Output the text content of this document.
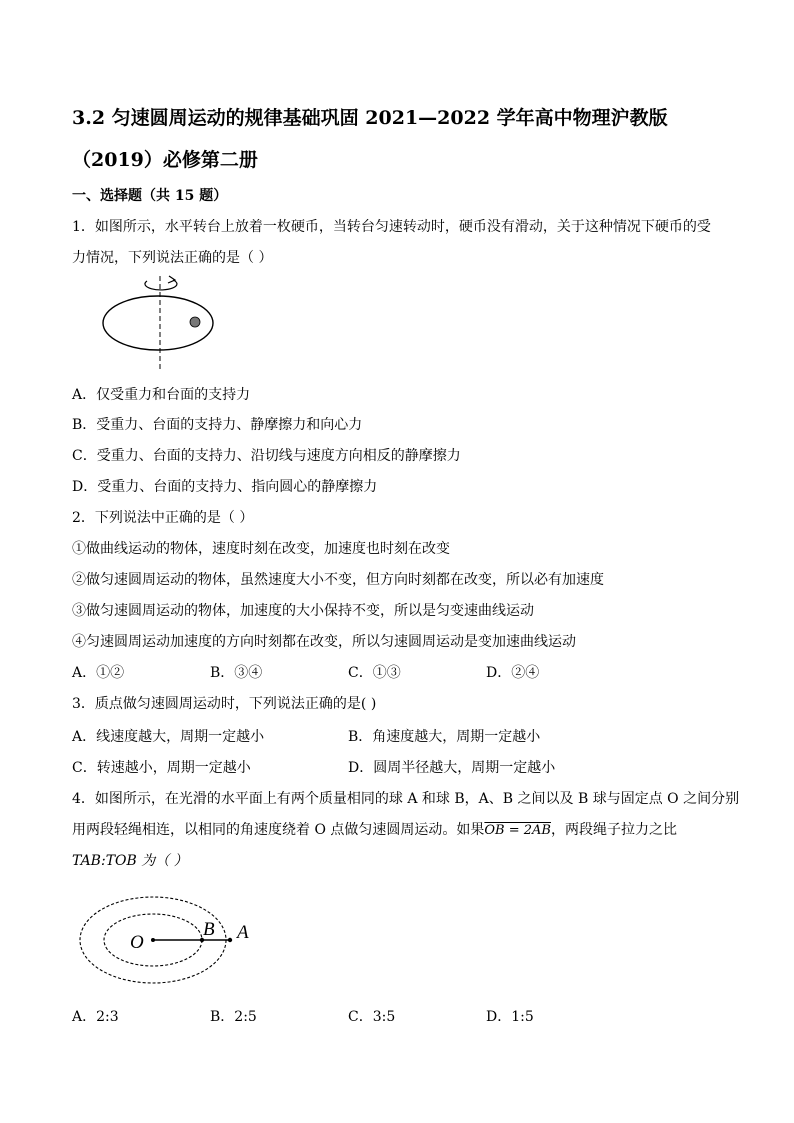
3.2 匀速圆周运动的规律基础巩固 2021—2022 学年高中物理沪教版
（2019）必修第二册
一、选择题（共 15 题）
1．如图所示，水平转台上放着一枚硬币，当转台匀速转动时，硬币没有滑动，关于这种情况下硬币的受
力情况，下列说法正确的是（ ）
A．仅受重力和台面的支持力
B．受重力、台面的支持力、静摩擦力和向心力
C．受重力、台面的支持力、沿切线与速度方向相反的静摩擦力
D．受重力、台面的支持力、指向圆心的静摩擦力
2．下列说法中正确的是（ ）
①做曲线运动的物体，速度时刻在改变，加速度也时刻在改变
②做匀速圆周运动的物体，虽然速度大小不变，但方向时刻都在改变，所以必有加速度
③做匀速圆周运动的物体，加速度的大小保持不变，所以是匀变速曲线运动
④匀速圆周运动加速度的方向时刻都在改变，所以匀速圆周运动是变加速曲线运动
A．①②	B．③④	C．①③	D．②④
3．质点做匀速圆周运动时，下列说法正确的是( )
A．线速度越大，周期一定越小	B．角速度越大，周期一定越小
C．转速越小，周期一定越小	D．圆周半径越大，周期一定越小
4．如图所示，在光滑的水平面上有两个质量相同的球 A 和球 B，A、B 之间以及 B 球与固定点 O 之间分别
用两段轻绳相连，以相同的角速度绕着 O 点做匀速圆周运动。如果OB = 2AB，两段绳子拉力之比
TAB:TOB 为（ ）
O
B A
A．2:3	B．2:5	C．3:5	D．1:5
